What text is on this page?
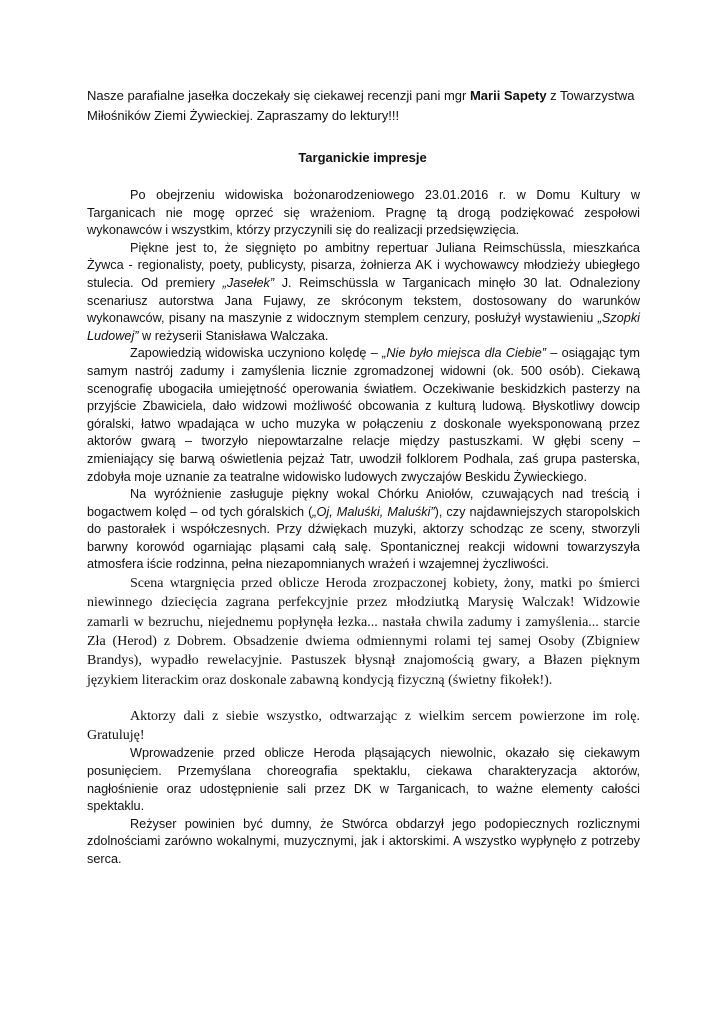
Nasze parafialne jasełka doczekały się ciekawej recenzji pani mgr Marii Sapety z Towarzystwa Miłośników Ziemi Żywieckiej. Zapraszamy do lektury!!!

Targanickie impresje

Po obejrzeniu widowiska bożonarodzeniowego 23.01.2016 r. w Domu Kultury w Targanicach nie mogę oprzeć się wrażeniom. Pragnę tą drogą podziękować zespołowi wykonawców i wszystkim, którzy przyczynili się do realizacji przedsięwzięcia.

Piękne jest to, że sięgnięto po ambitny repertuar Juliana Reimschüssla, mieszkańca Żywca - regionalisty, poety, publicysty, pisarza, żołnierza AK i wychowawcy młodzieży ubiegłego stulecia. Od premiery „Jasełek” J. Reimschüssla w Targanicach minęło 30 lat. Odnaleziony scenariusz autorstwa Jana Fujawy, ze skróconym tekstem, dostosowany do warunków wykonawców, pisany na maszynie z widocznym stemplem cenzury, posłużył wystawieniu „Szopki Ludowej” w reżyserii Stanisława Walczaka.

Zapowiedzią widowiska uczyniono kolędę – „Nie było miejsca dla Ciebie” – osiągając tym samym nastrój zadumy i zamyślenia licznie zgromadzonej widowni (ok. 500 osób). Ciekawą scenografię ubogaciła umiejętność operowania światłem. Oczekiwanie beskidzkich pasterzy na przyjście Zbawiciela, dało widzowi możliwość obcowania z kulturą ludową. Błyskotliwy dowcip góralski, łatwo wpadająca w ucho muzyka w połączeniu z doskonale wyeksponowaną przez aktorów gwarą – tworzyło niepowtarzalne relacje między pastuszkami. W głębi sceny – zmieniający się barwą oświetlenia pejzaż Tatr, uwodził folklorem Podhala, zaś grupa pasterska, zdobyła moje uznanie za teatralne widowisko ludowych zwyczajów Beskidu Żywieckiego.

Na wyróżnienie zasługuje piękny wokal Chórku Aniołów, czuwających nad treścią i bogactwem kolęd – od tych góralskich („Oj, Maluśki, Maluśki”), czy najdawniejszych staropolskich do pastorałek i współczesnych. Przy dźwiękach muzyki, aktorzy schodząc ze sceny, stworzyli barwny korowód ogarniając pląsami całą salę. Spontanicznej reakcji widowni towarzyszyła atmosfera iście rodzinna, pełna niezapomnianych wrażeń i wzajemnej życzliwości.

Scena wtargnięcia przed oblicze Heroda zrozpaczonej kobiety, żony, matki po śmierci niewinnego dziecięcia zagrana perfekcyjnie przez młodziutką Marysię Walczak! Widzowie zamarli w bezruchu, niejednemu popłynęła łezka... nastała chwila zadumy i zamyślenia... starcie Zła (Herod) z Dobrem. Obsadzenie dwiema odmiennymi rolami tej samej Osoby (Zbigniew Brandys), wypadło rewelacyjnie. Pastuszek błysnął znajomością gwary, a Błazen pięknym językiem literackim oraz doskonale zabawną kondycją fizyczną (świetny fikołek!).

Aktorzy dali z siebie wszystko, odtwarzając z wielkim sercem powierzone im rolę. Gratuluję!

Wprowadzenie przed oblicze Heroda pląsających niewolnic, okazało się ciekawym posunięciem. Przemyślana choreografia spektaklu, ciekawa charakteryzacja aktorów, nagłośnienie oraz udostępnienie sali przez DK w Targanicach, to ważne elementy całości spektaklu.

Reżyser powinien być dumny, że Stwórca obdarzył jego podopiecznych rozlicznymi zdolnościami zarówno wokalnymi, muzycznymi, jak i aktorskimi. A wszystko wypłynęło z potrzeby serca.
